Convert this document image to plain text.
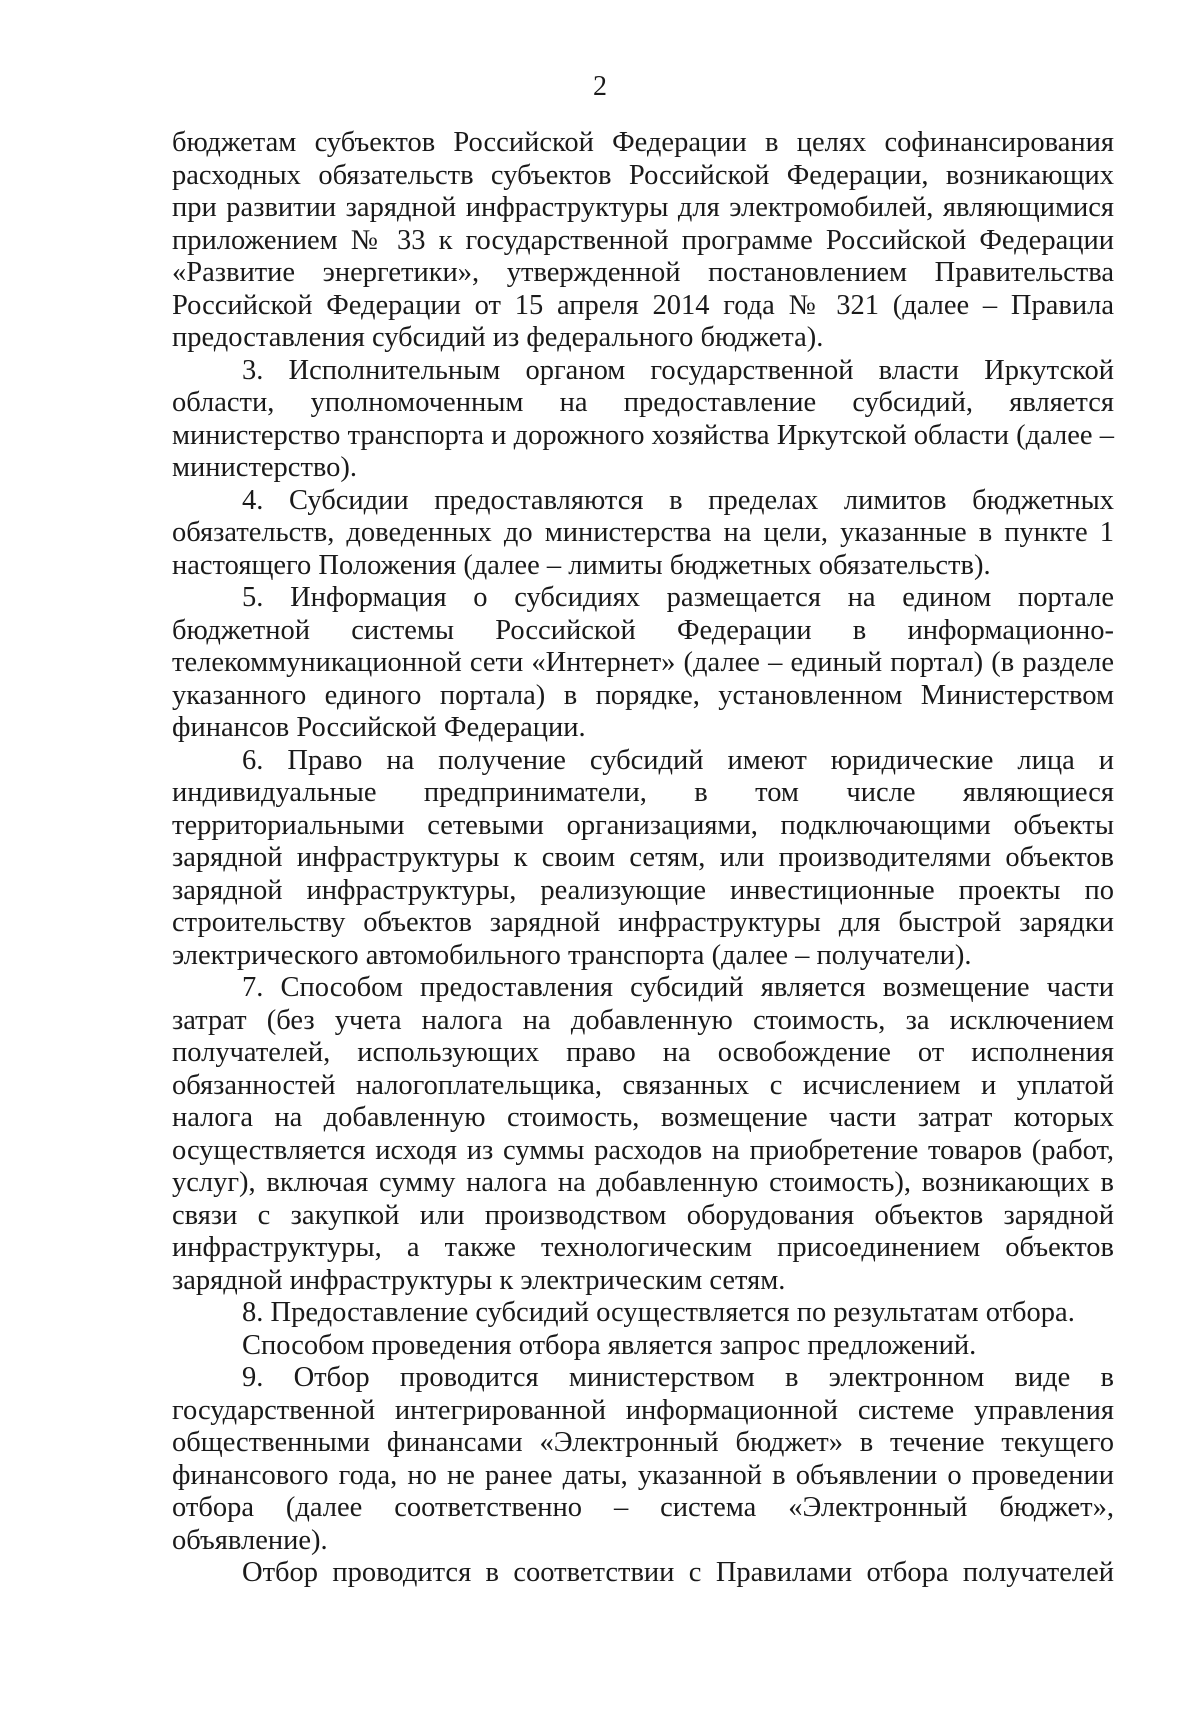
2

бюджетам субъектов Российской Федерации в целях софинансирования расходных обязательств субъектов Российской Федерации, возникающих при развитии зарядной инфраструктуры для электромобилей, являющимися приложением № 33 к государственной программе Российской Федерации «Развитие энергетики», утвержденной постановлением Правительства Российской Федерации от 15 апреля 2014 года № 321 (далее – Правила предоставления субсидий из федерального бюджета).

3. Исполнительным органом государственной власти Иркутской области, уполномоченным на предоставление субсидий, является министерство транспорта и дорожного хозяйства Иркутской области (далее – министерство).

4. Субсидии предоставляются в пределах лимитов бюджетных обязательств, доведенных до министерства на цели, указанные в пункте 1 настоящего Положения (далее – лимиты бюджетных обязательств).

5. Информация о субсидиях размещается на едином портале бюджетной системы Российской Федерации в информационно-телекоммуникационной сети «Интернет» (далее – единый портал) (в разделе указанного единого портала) в порядке, установленном Министерством финансов Российской Федерации.

6. Право на получение субсидий имеют юридические лица и индивидуальные предприниматели, в том числе являющиеся территориальными сетевыми организациями, подключающими объекты зарядной инфраструктуры к своим сетям, или производителями объектов зарядной инфраструктуры, реализующие инвестиционные проекты по строительству объектов зарядной инфраструктуры для быстрой зарядки электрического автомобильного транспорта (далее – получатели).

7. Способом предоставления субсидий является возмещение части затрат (без учета налога на добавленную стоимость, за исключением получателей, использующих право на освобождение от исполнения обязанностей налогоплательщика, связанных с исчислением и уплатой налога на добавленную стоимость, возмещение части затрат которых осуществляется исходя из суммы расходов на приобретение товаров (работ, услуг), включая сумму налога на добавленную стоимость), возникающих в связи с закупкой или производством оборудования объектов зарядной инфраструктуры, а также технологическим присоединением объектов зарядной инфраструктуры к электрическим сетям.

8. Предоставление субсидий осуществляется по результатам отбора.

Способом проведения отбора является запрос предложений.

9. Отбор проводится министерством в электронном виде в государственной интегрированной информационной системе управления общественными финансами «Электронный бюджет» в течение текущего финансового года, но не ранее даты, указанной в объявлении о проведении отбора (далее соответственно – система «Электронный бюджет», объявление).

Отбор проводится в соответствии с Правилами отбора получателей
